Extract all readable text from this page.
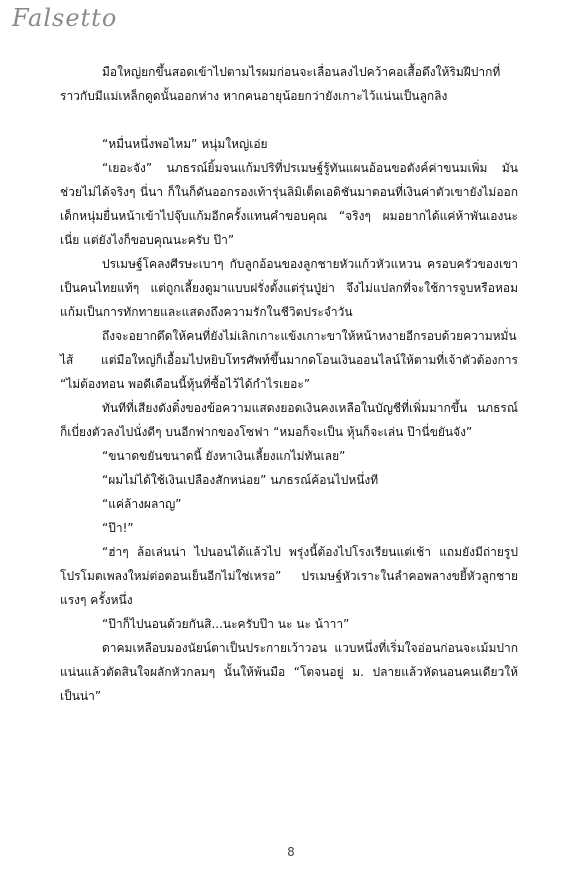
Falsetto

มือใหญ่ยกขึ้นสอดเข้าไปตามไรผมก่อนจะเลื่อนลงไปคว้าคอเสื้อดึงให้ริมฝีปากที่ราวกับมีแม่เหล็กดูดนั้นออกห่าง หากคนอายุน้อยกว่ายังเกาะไว้แน่นเป็นลูกลิง

“หมื่นหนึ่งพอไหม” หนุ่มใหญ่เอ่ย

“เยอะจัง” นภธรณ์ยิ้มจนแก้มปริที่ปรเมษฐ์รู้ทันแผนอ้อนขอตังค์ค่าขนมเพิ่ม มันช่วยไม่ได้จริงๆ นี่นา ก็ในก็ดันออกรองเท้ารุ่นลิมิเต็ดเอดิชันมาตอนที่เงินค่าตัวเขายังไม่ออก เด็กหนุ่มยื่นหน้าเข้าไปจุ๊บแก้มอีกครั้งแทนคำขอบคุณ “จริงๆ ผมอยากได้แค่ห้าพันเองนะเนี่ย แต่ยังไงก็ขอบคุณนะครับ ป๊า”

ปรเมษฐ์โคลงศีรษะเบาๆ กับลูกอ้อนของลูกชายหัวแก้วหัวแหวน ครอบครัวของเขาเป็นคนไทยแท้ๆ แต่ถูกเลี้ยงดูมาแบบฝรั่งตั้งแต่รุ่นปู่ย่า จึงไม่แปลกที่จะใช้การจูบหรือหอมแก้มเป็นการทักทายและแสดงถึงความรักในชีวิตประจำวัน

ถึงจะอยากดึดให้คนที่ยังไม่เลิกเกาะแข้งเกาะขาให้หน้าหงายอีกรอบด้วยความหมั่นไส้ แต่มือใหญ่ก็เอื้อมไปหยิบโทรศัพท์ขึ้นมากดโอนเงินออนไลน์ให้ตามที่เจ้าตัวต้องการ “ไม่ต้องทอน พอดีเดือนนี้หุ้นที่ซื้อไว้ได้กำไรเยอะ”

ทันทีที่เสียงดังติ๋งของข้อความแสดงยอดเงินคงเหลือในบัญชีที่เพิ่มมากขึ้น นภธรณ์ก็เบี่ยงตัวลงไปนั่งดีๆ บนอีกฟากของโซฟา “หมอก็จะเป็น หุ้นก็จะเล่น ป๊านี่ขยันจัง”

“ขนาดขยันขนาดนี้ ยังหาเงินเลี้ยงแกไม่ทันเลย”

“ผมไม่ได้ใช้เงินเปลืองสักหน่อย” นภธรณ์ค้อนไปหนึ่งที

“แค่ล้างผลาญ”

“ป๊า!”

“ฮ่าๆ ล้อเล่นน่า ไปนอนได้แล้วไป พรุ่งนี้ต้องไปโรงเรียนแต่เช้า แถมยังมีถ่ายรูปโปรโมตเพลงใหม่ต่อตอนเย็นอีกไม่ใช่เหรอ” ปรเมษฐ์หัวเราะในลำคอพลางขยี้หัวลูกชายแรงๆ ครั้งหนึ่ง

“ป๊าก็ไปนอนด้วยกันสิ...นะครับป๊า นะ นะ น้าาา”

ดาคมเหลือบมองนัยน์ตาเป็นประกายเว้าวอน แวบหนึ่งที่เริ่มใจอ่อนก่อนจะเม้มปากแน่นแล้วตัดสินใจผลักหัวกลมๆ นั้นให้พ้นมือ “โตจนอยู่ ม. ปลายแล้วหัดนอนคนเดียวให้เป็นน่า”

8
